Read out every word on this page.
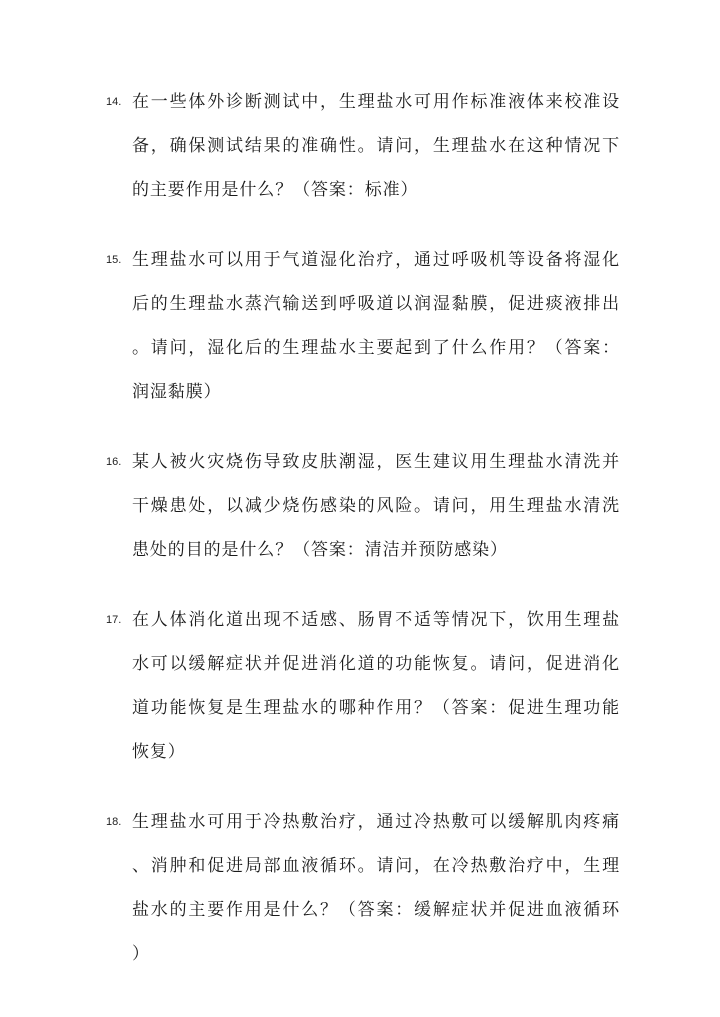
14. 在一些体外诊断测试中，生理盐水可用作标准液体来校准设
备，确保测试结果的准确性。请问，生理盐水在这种情况下
的主要作用是什么？（答案：标准）
15. 生理盐水可以用于气道湿化治疗，通过呼吸机等设备将湿化
后的生理盐水蒸汽输送到呼吸道以润湿黏膜，促进痰液排出
。请问，湿化后的生理盐水主要起到了什么作用？（答案：
润湿黏膜）
16. 某人被火灾烧伤导致皮肤潮湿，医生建议用生理盐水清洗并
干燥患处，以减少烧伤感染的风险。请问，用生理盐水清洗
患处的目的是什么？（答案：清洁并预防感染）
17. 在人体消化道出现不适感、肠胃不适等情况下，饮用生理盐
水可以缓解症状并促进消化道的功能恢复。请问，促进消化
道功能恢复是生理盐水的哪种作用？（答案：促进生理功能
恢复）
18. 生理盐水可用于冷热敷治疗，通过冷热敷可以缓解肌肉疼痛
、消肿和促进局部血液循环。请问，在冷热敷治疗中，生理
盐水的主要作用是什么？（答案：缓解症状并促进血液循环
）
